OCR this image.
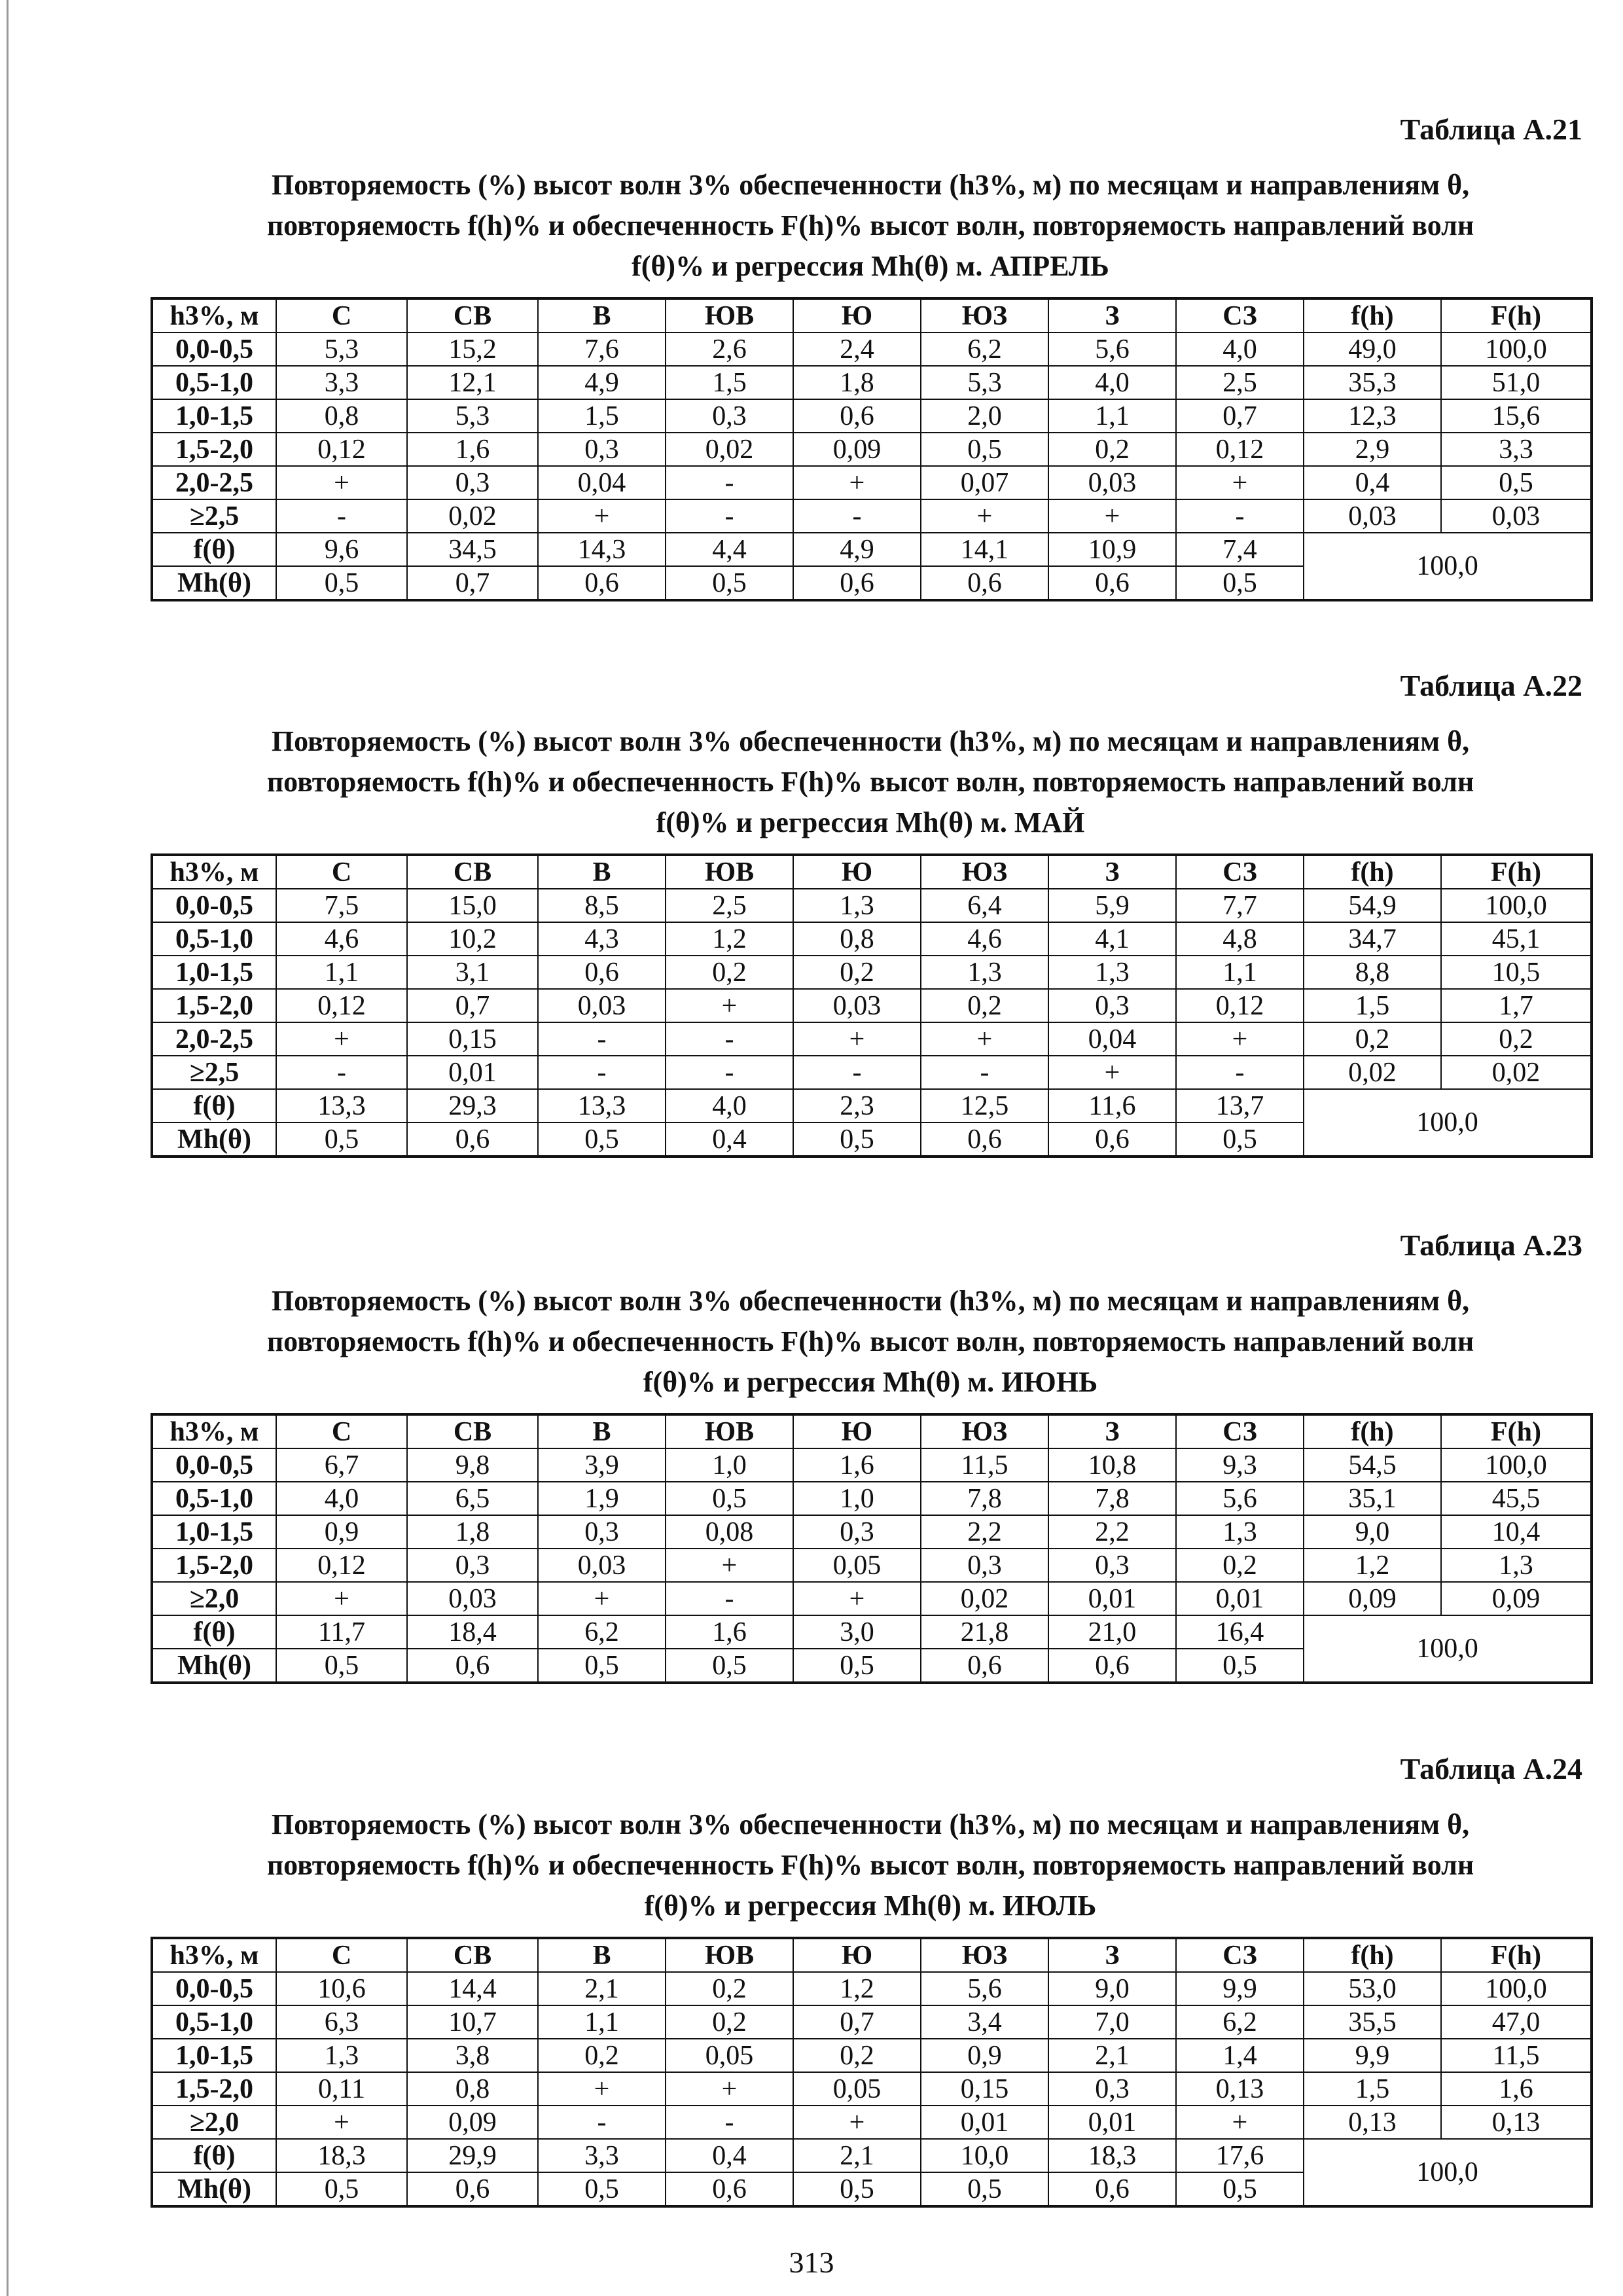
Таблица А.21
Повторяемость (%) высот волн 3% обеспеченности (h3%, м) по месяцам и направлениям θ,
повторяемость f(h)% и обеспеченность F(h)% высот волн, повторяемость направлений волн
f(θ)% и регрессия Mh(θ) м. АПРЕЛЬ
h3%, м	С	СВ	В	ЮВ	Ю	ЮЗ	З	СЗ	f(h)	F(h)
0,0-0,5	5,3	15,2	7,6	2,6	2,4	6,2	5,6	4,0	49,0	100,0
0,5-1,0	3,3	12,1	4,9	1,5	1,8	5,3	4,0	2,5	35,3	51,0
1,0-1,5	0,8	5,3	1,5	0,3	0,6	2,0	1,1	0,7	12,3	15,6
1,5-2,0	0,12	1,6	0,3	0,02	0,09	0,5	0,2	0,12	2,9	3,3
2,0-2,5	+	0,3	0,04	-	+	0,07	0,03	+	0,4	0,5
≥2,5	-	0,02	+	-	-	+	+	-	0,03	0,03
f(θ)	9,6	34,5	14,3	4,4	4,9	14,1	10,9	7,4	100,0	
Mh(θ)	0,5	0,7	0,6	0,5	0,6	0,6	0,6	0,5		
Таблица А.22
Повторяемость (%) высот волн 3% обеспеченности (h3%, м) по месяцам и направлениям θ,
повторяемость f(h)% и обеспеченность F(h)% высот волн, повторяемость направлений волн
f(θ)% и регрессия Mh(θ) м. МАЙ
h3%, м	С	СВ	В	ЮВ	Ю	ЮЗ	З	СЗ	f(h)	F(h)
0,0-0,5	7,5	15,0	8,5	2,5	1,3	6,4	5,9	7,7	54,9	100,0
0,5-1,0	4,6	10,2	4,3	1,2	0,8	4,6	4,1	4,8	34,7	45,1
1,0-1,5	1,1	3,1	0,6	0,2	0,2	1,3	1,3	1,1	8,8	10,5
1,5-2,0	0,12	0,7	0,03	+	0,03	0,2	0,3	0,12	1,5	1,7
2,0-2,5	+	0,15	-	-	+	+	0,04	+	0,2	0,2
≥2,5	-	0,01	-	-	-	-	+	-	0,02	0,02
f(θ)	13,3	29,3	13,3	4,0	2,3	12,5	11,6	13,7	100,0	
Mh(θ)	0,5	0,6	0,5	0,4	0,5	0,6	0,6	0,5		
Таблица А.23
Повторяемость (%) высот волн 3% обеспеченности (h3%, м) по месяцам и направлениям θ,
повторяемость f(h)% и обеспеченность F(h)% высот волн, повторяемость направлений волн
f(θ)% и регрессия Mh(θ) м. ИЮНЬ
h3%, м	С	СВ	В	ЮВ	Ю	ЮЗ	З	СЗ	f(h)	F(h)
0,0-0,5	6,7	9,8	3,9	1,0	1,6	11,5	10,8	9,3	54,5	100,0
0,5-1,0	4,0	6,5	1,9	0,5	1,0	7,8	7,8	5,6	35,1	45,5
1,0-1,5	0,9	1,8	0,3	0,08	0,3	2,2	2,2	1,3	9,0	10,4
1,5-2,0	0,12	0,3	0,03	+	0,05	0,3	0,3	0,2	1,2	1,3
≥2,0	+	0,03	+	-	+	0,02	0,01	0,01	0,09	0,09
f(θ)	11,7	18,4	6,2	1,6	3,0	21,8	21,0	16,4	100,0	
Mh(θ)	0,5	0,6	0,5	0,5	0,5	0,6	0,6	0,5		
Таблица А.24
Повторяемость (%) высот волн 3% обеспеченности (h3%, м) по месяцам и направлениям θ,
повторяемость f(h)% и обеспеченность F(h)% высот волн, повторяемость направлений волн
f(θ)% и регрессия Mh(θ) м. ИЮЛЬ
h3%, м	С	СВ	В	ЮВ	Ю	ЮЗ	З	СЗ	f(h)	F(h)
0,0-0,5	10,6	14,4	2,1	0,2	1,2	5,6	9,0	9,9	53,0	100,0
0,5-1,0	6,3	10,7	1,1	0,2	0,7	3,4	7,0	6,2	35,5	47,0
1,0-1,5	1,3	3,8	0,2	0,05	0,2	0,9	2,1	1,4	9,9	11,5
1,5-2,0	0,11	0,8	+	+	0,05	0,15	0,3	0,13	1,5	1,6
≥2,0	+	0,09	-	-	+	0,01	0,01	+	0,13	0,13
f(θ)	18,3	29,9	3,3	0,4	2,1	10,0	18,3	17,6	100,0	
Mh(θ)	0,5	0,6	0,5	0,6	0,5	0,5	0,6	0,5		
313
